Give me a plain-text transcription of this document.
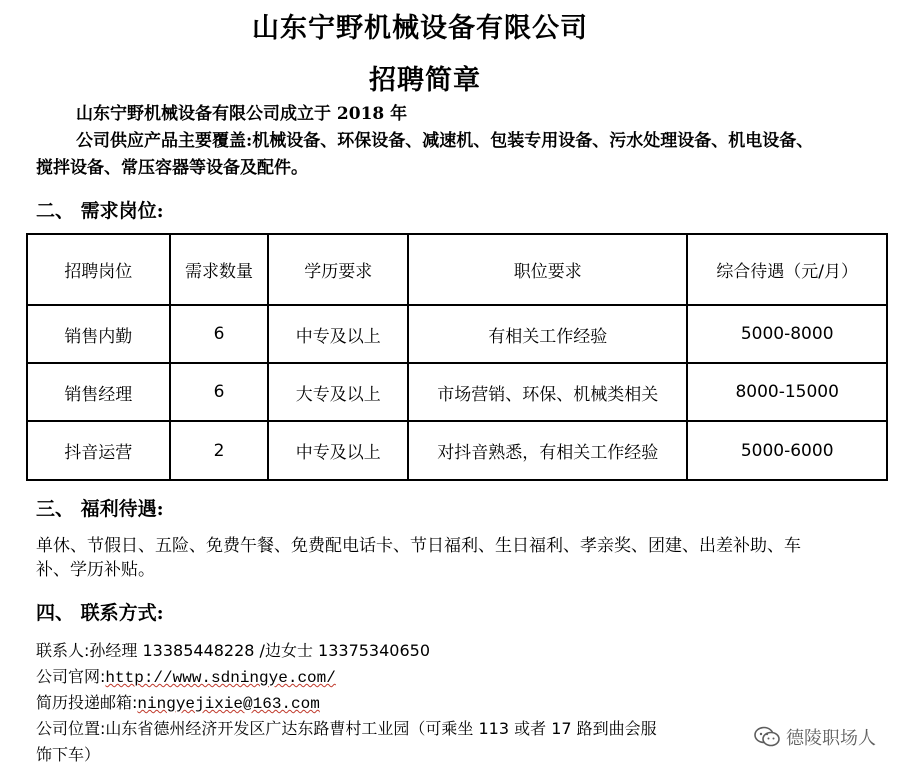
山东宁野机械设备有限公司
招聘简章
山东宁野机械设备有限公司成立于 2018 年
公司供应产品主要覆盖:机械设备、环保设备、减速机、包装专用设备、污水处理设备、机电设备、搅拌设备、常压容器等设备及配件。
二、 需求岗位:
招聘岗位	需求数量	学历要求	职位要求	综合待遇（元/月）
销售内勤	6	中专及以上	有相关工作经验	5000-8000
销售经理	6	大专及以上	市场营销、环保、机械类相关	8000-15000
抖音运营	2	中专及以上	对抖音熟悉，有相关工作经验	5000-6000
三、 福利待遇:
单休、节假日、五险、免费午餐、免费配电话卡、节日福利、生日福利、孝亲奖、团建、出差补助、车补、学历补贴。
四、 联系方式:
联系人:孙经理 13385448228 /边女士 13375340650
公司官网:http://www.sdningye.com/
简历投递邮箱:ningyejixie@163.com
公司位置:山东省德州经济开发区广达东路曹村工业园（可乘坐 113 或者 17 路到曲会服
饰下车）
德陵职场人
